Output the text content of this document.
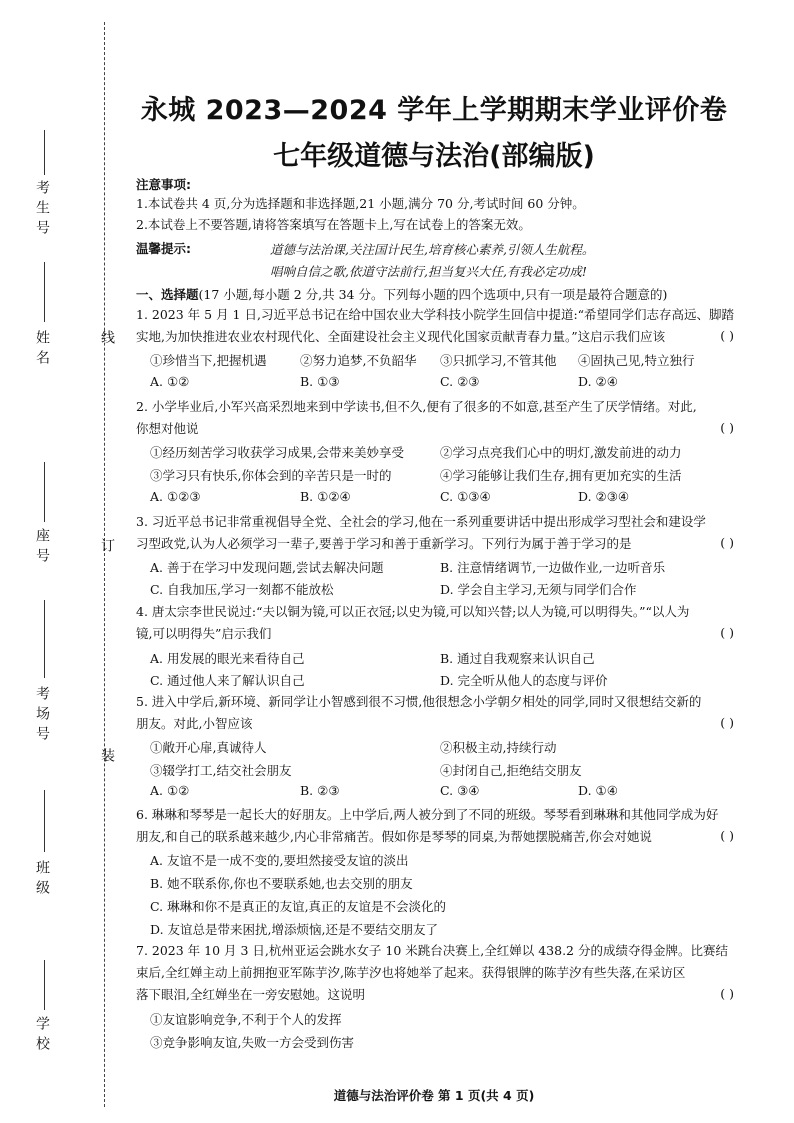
线
订
装
考生号
姓名
座号
考场号
班级
学校
永城 2023—2024 学年上学期期末学业评价卷
七年级道德与法治(部编版)
注意事项:
1.本试卷共 4 页,分为选择题和非选择题,21 小题,满分 70 分,考试时间 60 分钟。
2.本试卷上不要答题,请将答案填写在答题卡上,写在试卷上的答案无效。
温馨提示:	道德与法治课,关注国计民生,培育核心素养,引领人生航程。
唱响自信之歌,依道守法前行,担当复兴大任,有我必定功成!
一、选择题(17 小题,每小题 2 分,共 34 分。下列每小题的四个选项中,只有一项是最符合题意的)
1. 2023 年 5 月 1 日,习近平总书记在给中国农业大学科技小院学生回信中提道:“希望同学们志存高远、脚踏
实地,为加快推进农业农村现代化、全面建设社会主义现代化国家贡献青春力量。”这启示我们应该	( )
①珍惜当下,把握机遇	②努力追梦,不负韶华 ③只抓学习,不管其他 ④固执己见,特立独行
A. ①②	B. ①③	C. ②③	D. ②④
2. 小学毕业后,小军兴高采烈地来到中学读书,但不久,便有了很多的不如意,甚至产生了厌学情绪。对此,
你想对他说	( )
①经历刻苦学习收获学习成果,会带来美妙享受	②学习点亮我们心中的明灯,激发前进的动力
③学习只有快乐,你体会到的辛苦只是一时的	④学习能够让我们生存,拥有更加充实的生活
A. ①②③	B. ①②④	C. ①③④	D. ②③④
3. 习近平总书记非常重视倡导全党、全社会的学习,他在一系列重要讲话中提出形成学习型社会和建设学
习型政党,认为人必须学习一辈子,要善于学习和善于重新学习。下列行为属于善于学习的是	( )
A. 善于在学习中发现问题,尝试去解决问题	B. 注意情绪调节,一边做作业,一边听音乐
C. 自我加压,学习一刻都不能放松	D. 学会自主学习,无须与同学们合作
4. 唐太宗李世民说过:“夫以铜为镜,可以正衣冠;以史为镜,可以知兴替;以人为镜,可以明得失。”“以人为
镜,可以明得失”启示我们	( )
A. 用发展的眼光来看待自己	B. 通过自我观察来认识自己
C. 通过他人来了解认识自己	D. 完全听从他人的态度与评价
5. 进入中学后,新环境、新同学让小智感到很不习惯,他很想念小学朝夕相处的同学,同时又很想结交新的
朋友。对此,小智应该	( )
①敞开心扉,真诚待人	②积极主动,持续行动
③辍学打工,结交社会朋友	④封闭自己,拒绝结交朋友
A. ①②	B. ②③	C. ③④	D. ①④
6. 琳琳和琴琴是一起长大的好朋友。上中学后,两人被分到了不同的班级。琴琴看到琳琳和其他同学成为好
朋友,和自己的联系越来越少,内心非常痛苦。假如你是琴琴的同桌,为帮她摆脱痛苦,你会对她说	( )
A. 友谊不是一成不变的,要坦然接受友谊的淡出
B. 她不联系你,你也不要联系她,也去交别的朋友
C. 琳琳和你不是真正的友谊,真正的友谊是不会淡化的
D. 友谊总是带来困扰,增添烦恼,还是不要结交朋友了
7. 2023 年 10 月 3 日,杭州亚运会跳水女子 10 米跳台决赛上,全红婵以 438.2 分的成绩夺得金牌。比赛结
束后,全红婵主动上前拥抱亚军陈芋汐,陈芋汐也将她举了起来。获得银牌的陈芋汐有些失落,在采访区
落下眼泪,全红婵坐在一旁安慰她。这说明	( )
①友谊影响竞争,不利于个人的发挥
③竞争影响友谊,失败一方会受到伤害
道德与法治评价卷 第 1 页(共 4 页)
